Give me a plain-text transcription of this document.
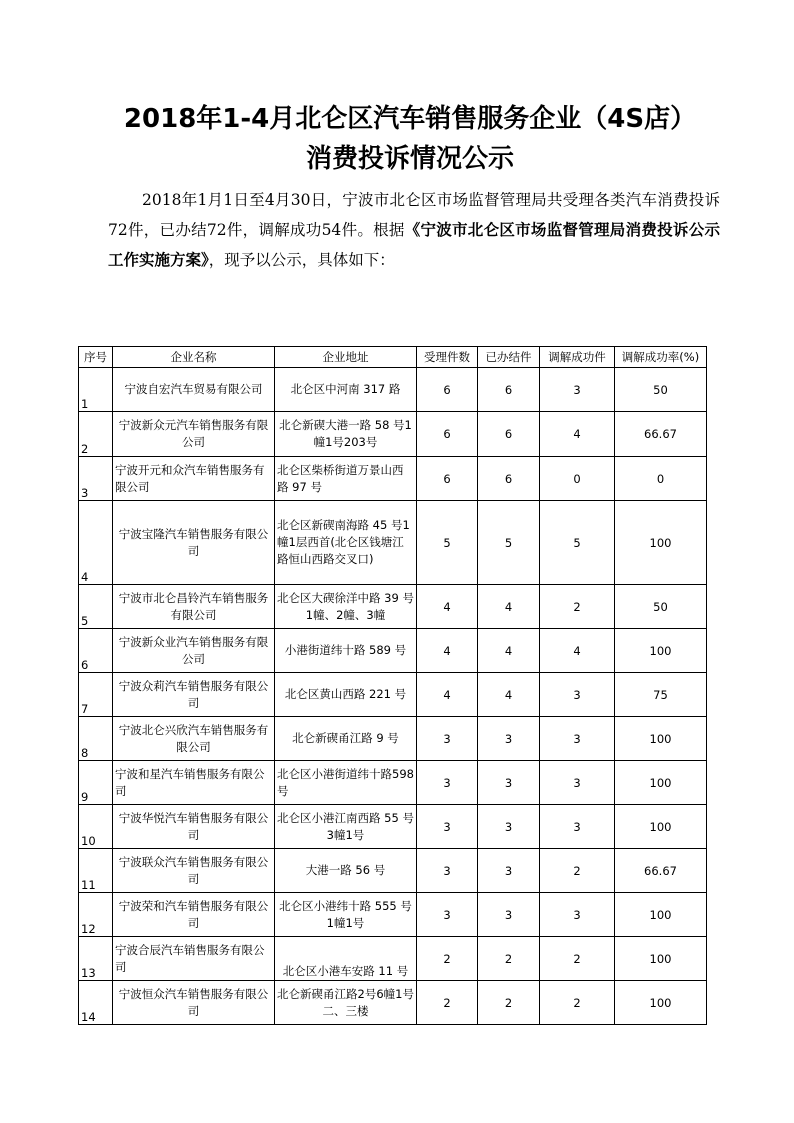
2018年1-4月北仑区汽车销售服务企业（4S店）
消费投诉情况公示

2018年1月1日至4月30日，宁波市北仑区市场监督管理局共受理各类汽车消费投诉72件，已办结72件，调解成功54件。根据《宁波市北仑区市场监督管理局消费投诉公示工作实施方案》，现予以公示，具体如下：

序号	企业名称	企业地址	受理件数	已办结件	调解成功件	调解成功率(%)
1	宁波自宏汽车贸易有限公司	北仑区中河南 317 路	6	6	3	50
2	宁波新众元汽车销售服务有限公司	北仑新碶大港一路 58 号1幢1号203号	6	6	4	66.67
3	宁波开元和众汽车销售服务有限公司	北仑区柴桥街道万景山西路 97 号	6	6	0	0
4	宁波宝隆汽车销售服务有限公司	北仑区新碶南海路 45 号1幢1层西首(北仑区钱塘江路恒山西路交叉口)	5	5	5	100
5	宁波市北仑昌铃汽车销售服务有限公司	北仑区大碶徐洋中路 39 号1幢、2幢、3幢	4	4	2	50
6	宁波新众业汽车销售服务有限公司	小港街道纬十路 589 号	4	4	4	100
7	宁波众莉汽车销售服务有限公司	北仑区黄山西路 221 号	4	4	3	75
8	宁波北仑兴欣汽车销售服务有限公司	北仑新碶甬江路 9 号	3	3	3	100
9	宁波和星汽车销售服务有限公司	北仑区小港街道纬十路598 号	3	3	3	100
10	宁波华悦汽车销售服务有限公司	北仑区小港江南西路 55 号3幢1号	3	3	3	100
11	宁波联众汽车销售服务有限公司	大港一路 56 号	3	3	2	66.67
12	宁波荣和汽车销售服务有限公司	北仑区小港纬十路 555 号1幢1号	3	3	3	100
13	宁波合辰汽车销售服务有限公司	北仑区小港车安路 11 号	2	2	2	100
14	宁波恒众汽车销售服务有限公司	北仑新碶甬江路2号6幢1号二、三楼	2	2	2	100
